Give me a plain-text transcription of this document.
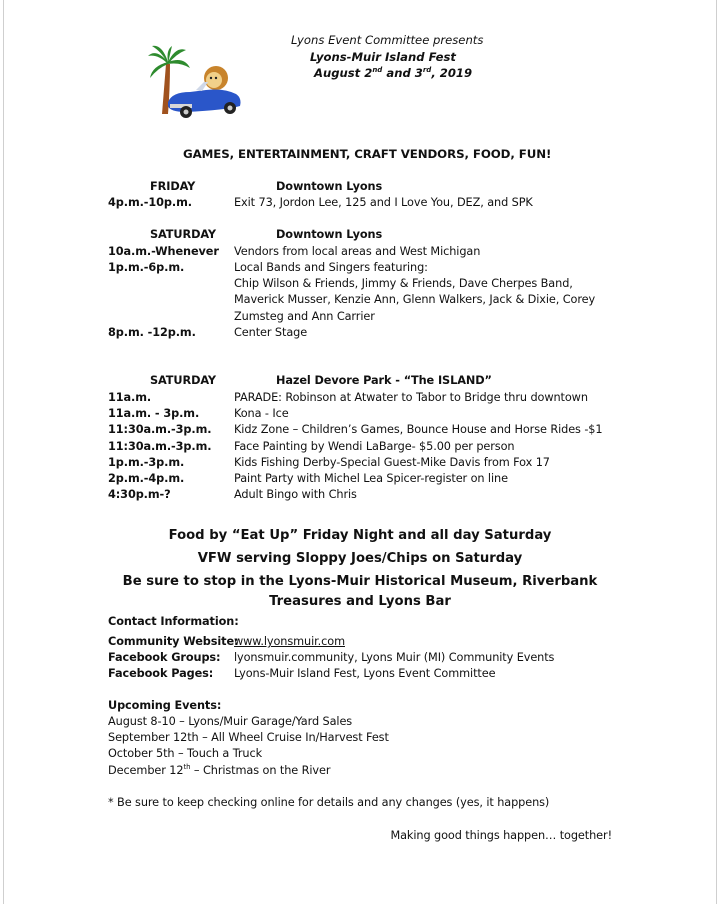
Lyons Event Committee presents
Lyons-Muir Island Fest
August 2nd and 3rd, 2019
GAMES, ENTERTAINMENT, CRAFT VENDORS, FOOD, FUN!
FRIDAY	Downtown Lyons
4p.m.-10p.m.	Exit 73, Jordon Lee, 125 and I Love You, DEZ, and SPK
SATURDAY	Downtown Lyons
10a.m.-Whenever Vendors from local areas and West Michigan
1p.m.-6p.m.	Local Bands and Singers featuring:
Chip Wilson & Friends, Jimmy & Friends, Dave Cherpes Band,
Maverick Musser, Kenzie Ann, Glenn Walkers, Jack & Dixie, Corey
Zumsteg and Ann Carrier
8p.m. -12p.m.	Center Stage
SATURDAY	Hazel Devore Park - “The ISLAND”
11a.m.	PARADE: Robinson at Atwater to Tabor to Bridge thru downtown
11a.m. - 3p.m.	Kona - Ice
11:30a.m.-3p.m. Kidz Zone – Children’s Games, Bounce House and Horse Rides -$1
11:30a.m.-3p.m. Face Painting by Wendi LaBarge- $5.00 per person
1p.m.-3p.m.	Kids Fishing Derby-Special Guest-Mike Davis from Fox 17
2p.m.-4p.m.	Paint Party with Michel Lea Spicer-register on line
4:30p.m-?	Adult Bingo with Chris
Food by “Eat Up” Friday Night and all day Saturday
VFW serving Sloppy Joes/Chips on Saturday
Be sure to stop in the Lyons-Muir Historical Museum, Riverbank
Treasures and Lyons Bar
Contact Information:
Community Website:
www.lyonsmuir.com
Facebook Groups: lyonsmuir.community, Lyons Muir (MI) Community Events
Facebook Pages: Lyons-Muir Island Fest, Lyons Event Committee
Upcoming Events:
August 8-10 – Lyons/Muir Garage/Yard Sales
September 12th – All Wheel Cruise In/Harvest Fest
October 5th – Touch a Truck
December 12th – Christmas on the River
* Be sure to keep checking online for details and any changes (yes, it happens)
Making good things happen… together!
